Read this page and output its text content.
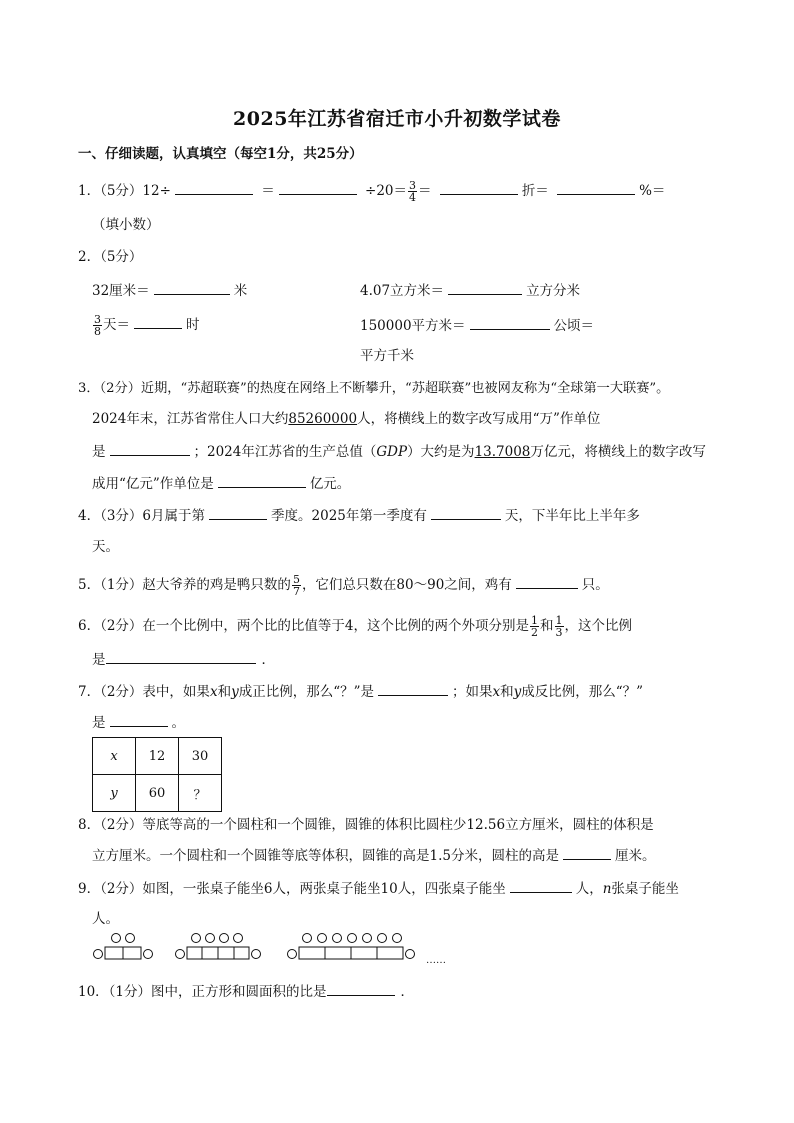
2025年江苏省宿迁市小升初数学试卷
一、仔细读题，认真填空（每空1分，共25分）
1．（5分）12÷	＝	$\div 20= \frac{3}{4}$ ＝	折＝	%＝
（填小数）
2．（5分）
32厘米＝	米	4.07立方米＝	立方分米
$\frac{3}{8}$ 天＝	时	150000平方米＝	公顷＝
平方千米
3．（2分）近期，“苏超联赛”的热度在网络上不断攀升，“苏超联赛”也被网友称为“全球第一大联赛”。
2024年末，江苏省常住人口大约85260000人，将横线上的数字改写成用“万”作单位
是	；2024年江苏省的生产总值（GDP）大约是为13.7008万亿元，将横线上的数字改写
成用“亿元”作单位是	亿元。
4．（3分）6月属于第	季度。2025年第一季度有	天，下半年比上半年多
天。
5．（1分）赵大爷养的鸡是鸭只数的 $\frac{5}{7}$ ，它们总只数在80～90之间，鸡有	只。
6．（2分）在一个比例中，两个比的比值等于4，这个比例的两个外项分别是 $\frac{1}{2}$ 和 $\frac{1}{3}$ ，这个比例
是	．
7．（2分）表中，如果x和y成正比例，那么“？”是	；如果x和y成反比例，那么“？”
是	。
x	12	30
y	60	？
8．（2分）等底等高的一个圆柱和一个圆锥，圆锥的体积比圆柱少12.56立方厘米，圆柱的体积是
立方厘米。一个圆柱和一个圆锥等底等体积，圆锥的高是1.5分米，圆柱的高是	厘米。
9．（2分）如图，一张桌子能坐6人，两张桌子能坐10人，四张桌子能坐	人，n张桌子能坐
人。
……
10．（1分）图中，正方形和圆面积的比是	．
